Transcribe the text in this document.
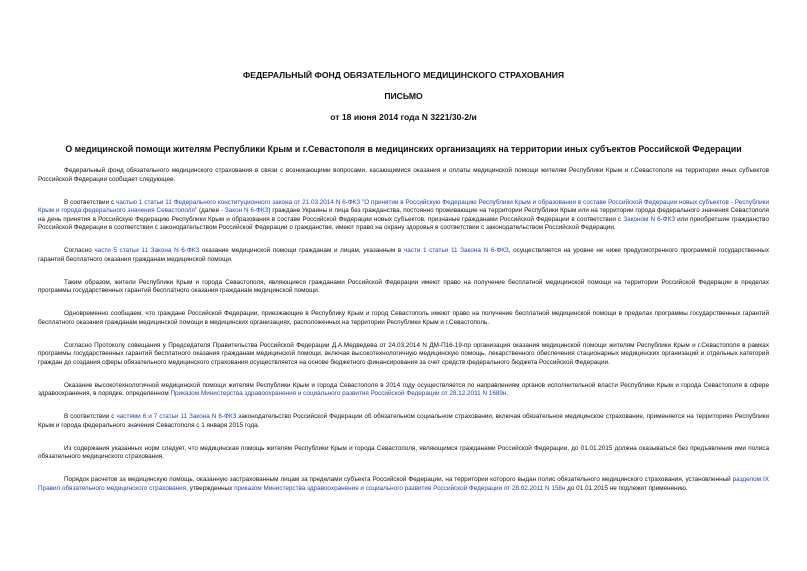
ФЕДЕРАЛЬНЫЙ ФОНД ОБЯЗАТЕЛЬНОГО МЕДИЦИНСКОГО СТРАХОВАНИЯ
ПИСЬМО
от 18 июня 2014 года N 3221/30-2/и
О медицинской помощи жителям Республики Крым и г.Севастополя в медицинских организациях на территории иных субъектов Российской Федерации

Федеральный фонд обязательного медицинского страхования в связи с возникающими вопросами, касающимися оказания и оплаты медицинской помощи жителям Республики Крым и г.Севастополя на территории иных субъектов Российской Федерации сообщает следующее.

В соответствии с частью 1 статьи 11 Федерального конституционного закона от 21.03.2014 N 6-ФКЗ "О принятии в Российскую Федерацию Республики Крым и образовании в составе Российской Федерации новых субъектов - Республики Крым и города федерального значения Севастополя" (далее - Закон N 6-ФКЗ) граждане Украины и лица без гражданства, постоянно проживающие на территории Республики Крым или на территории города федерального значения Севастополя на день принятия в Российскую Федерацию Республики Крым и образования в составе Российской Федерации новых субъектов, признаные гражданами Российской Федерации в соответствии с Законом N 6-ФКЗ или приобретшие гражданство Российской Федерации в соответствии с законодательством Российской Федерации о гражданстве, имеют право на охрану здоровья в соответствии с законодательством Российской Федерации.

Согласно части 5 статьи 11 Закона N 6-ФКЗ оказание медицинской помощи гражданам и лицам, указанным в части 1 статьи 11 Закона N 6-ФКЗ, осуществляется на уровне не ниже предусмотренного программой государственных гарантий бесплатного оказания гражданам медицинской помощи.

Таким образом, жители Республики Крым и города Севастополя, являющиеся гражданами Российской Федерации имеют право на получение бесплатной медицинской помощи на территории Российской Федерации в пределах программы государственных гарантий бесплатного оказания гражданам медицинской помощи.

Одновременно сообщаем, что граждане Российской Федерации, приезжающие в Республику Крым и город Севастополь имеют право на получение бесплатной медицинской помощи в пределах программы государственных гарантий бесплатного оказания гражданам медицинской помощи в медицинских организациях, расположенных на территории Республики Крым и г.Севастополь.

Согласно Протоколу совещания у Председателя Правительства Российской Федерации Д.А.Медведева от 24.03.2014 N ДМ-П16-19-пр организация оказания медицинской помощи жителям Республики Крым и г.Севастополя в рамках программы государственных гарантий бесплатного оказания гражданам медицинской помощи, включая высокотехнологичную медицинскую помощь, лекарственного обеспечения стационарных медицинских организаций и отдельных категорий граждан до создания сферы обязательного медицинского страхования осуществляется на основе бюджетного финансирования за счет средств федерального бюджета Российской Федерации.

Оказание высокотехнологичной медицинской помощи жителям Республики Крым и города Севастополя в 2014 году осуществляется по направлениям органов исполнительной власти Республики Крым и города Севастополя в сфере здравоохранения, в порядке, определенном Приказом Министерства здравоохранения и социального развития Российской Федерации от 28.12.2011 N 1689н.

В соответствии с частями 6 и 7 статьи 11 Закона N 6-ФКЗ законодательство Российской Федерации об обязательном социальном страховании, включая обязательное медицинское страхование, применяется на территориях Республики Крым и города федерального значения Севастополя с 1 января 2015 года.

Из содержания указанных норм следует, что медицинская помощь жителям Республики Крым и города Севастополя, являющимся гражданами Российской Федерации, до 01.01.2015 должна оказываться без предъявления ими полиса обязательного медицинского страхования.

Порядок расчетов за медицинскую помощь, оказанную застрахованным лицам за пределами субъекта Российской Федерации, на территории которого выдан полис обязательного медицинского страхования, установленный разделом IX Правил обязательного медицинского страхования, утвержденных приказом Министерства здравоохранения и социального развития Российской Федерации от 28.02.2011 N 158н до 01.01.2015 не подлежит применению.
